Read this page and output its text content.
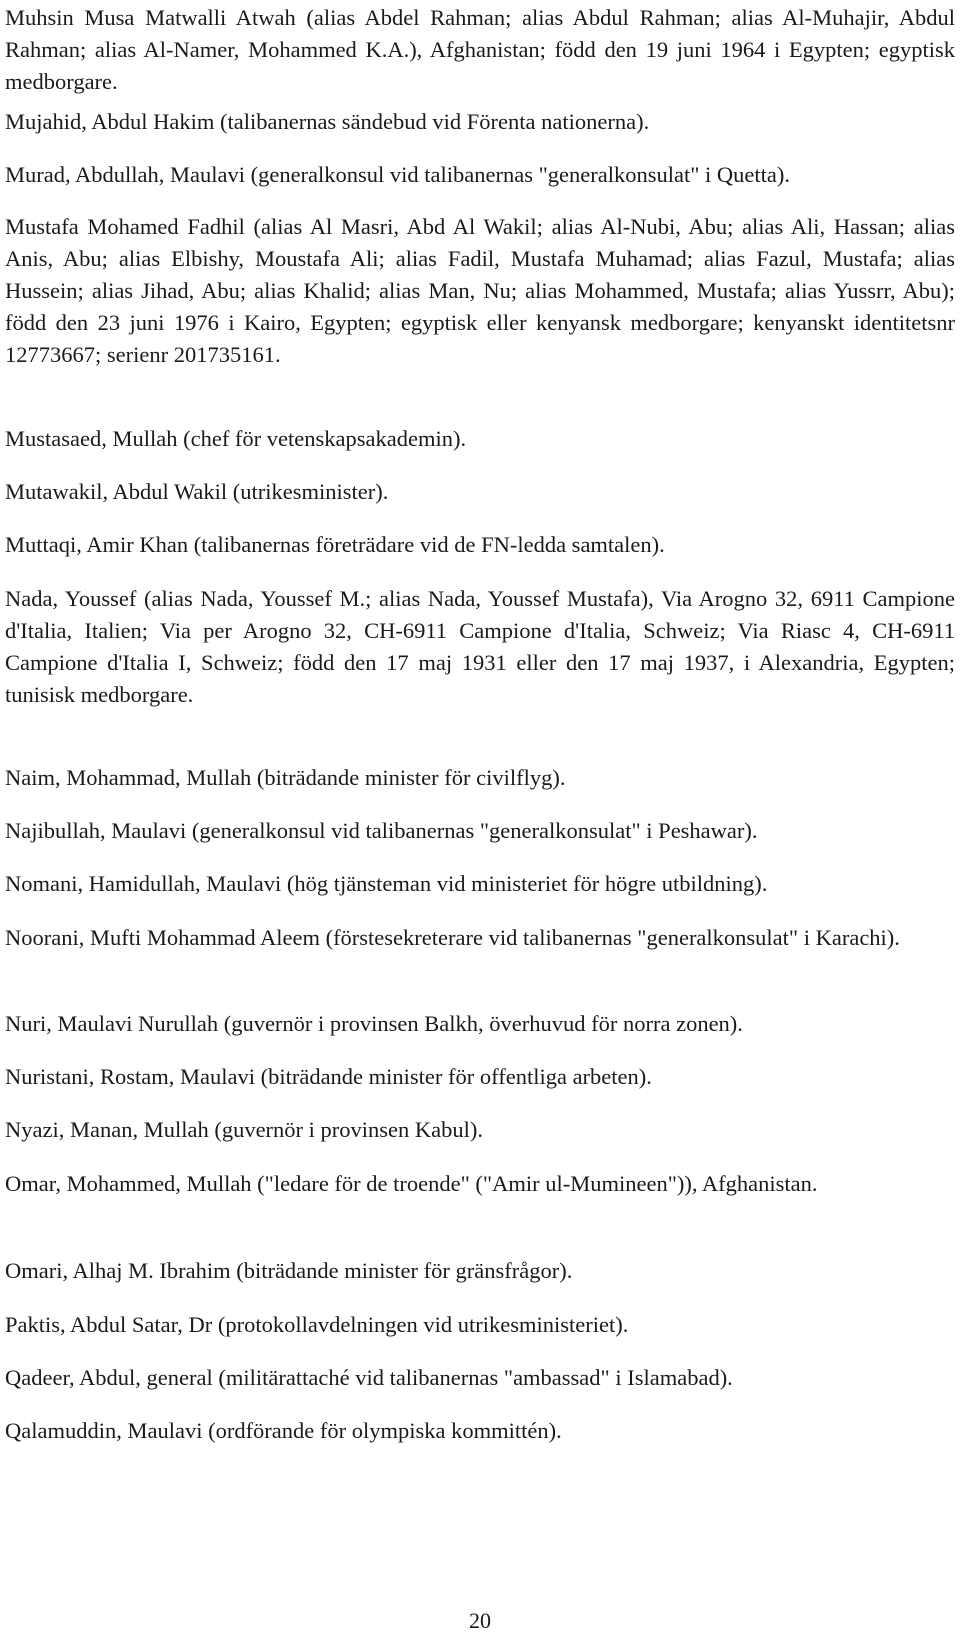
Muhsin Musa Matwalli Atwah (alias Abdel Rahman; alias Abdul Rahman; alias Al-Muhajir, Abdul Rahman; alias Al-Namer, Mohammed K.A.), Afghanistan; född den 19 juni 1964 i Egypten; egyptisk medborgare.

Mujahid, Abdul Hakim (talibanernas sändebud vid Förenta nationerna).

Murad, Abdullah, Maulavi (generalkonsul vid talibanernas "generalkonsulat" i Quetta).

Mustafa Mohamed Fadhil (alias Al Masri, Abd Al Wakil; alias Al-Nubi, Abu; alias Ali, Hassan; alias Anis, Abu; alias Elbishy, Moustafa Ali; alias Fadil, Mustafa Muhamad; alias Fazul, Mustafa; alias Hussein; alias Jihad, Abu; alias Khalid; alias Man, Nu; alias Mohammed, Mustafa; alias Yussrr, Abu); född den 23 juni 1976 i Kairo, Egypten; egyptisk eller kenyansk medborgare; kenyanskt identitetsnr 12773667; serienr 201735161.

Mustasaed, Mullah (chef för vetenskapsakademin).

Mutawakil, Abdul Wakil (utrikesminister).

Muttaqi, Amir Khan (talibanernas företrädare vid de FN-ledda samtalen).

Nada, Youssef (alias Nada, Youssef M.; alias Nada, Youssef Mustafa), Via Arogno 32, 6911 Campione d'Italia, Italien; Via per Arogno 32, CH-6911 Campione d'Italia, Schweiz; Via Riasc 4, CH-6911 Campione d'Italia I, Schweiz; född den 17 maj 1931 eller den 17 maj 1937, i Alexandria, Egypten; tunisisk medborgare.

Naim, Mohammad, Mullah (biträdande minister för civilflyg).

Najibullah, Maulavi (generalkonsul vid talibanernas "generalkonsulat" i Peshawar).

Nomani, Hamidullah, Maulavi (hög tjänsteman vid ministeriet för högre utbildning).

Noorani, Mufti Mohammad Aleem (förstesekreterare vid talibanernas "generalkonsulat" i Karachi).

Nuri, Maulavi Nurullah (guvernör i provinsen Balkh, överhuvud för norra zonen).

Nuristani, Rostam, Maulavi (biträdande minister för offentliga arbeten).

Nyazi, Manan, Mullah (guvernör i provinsen Kabul).

Omar, Mohammed, Mullah ("ledare för de troende" ("Amir ul-Mumineen")), Afghanistan.

Omari, Alhaj M. Ibrahim (biträdande minister för gränsfrågor).

Paktis, Abdul Satar, Dr (protokollavdelningen vid utrikesministeriet).

Qadeer, Abdul, general (militärattaché vid talibanernas "ambassad" i Islamabad).

Qalamuddin, Maulavi (ordförande för olympiska kommittén).

20
